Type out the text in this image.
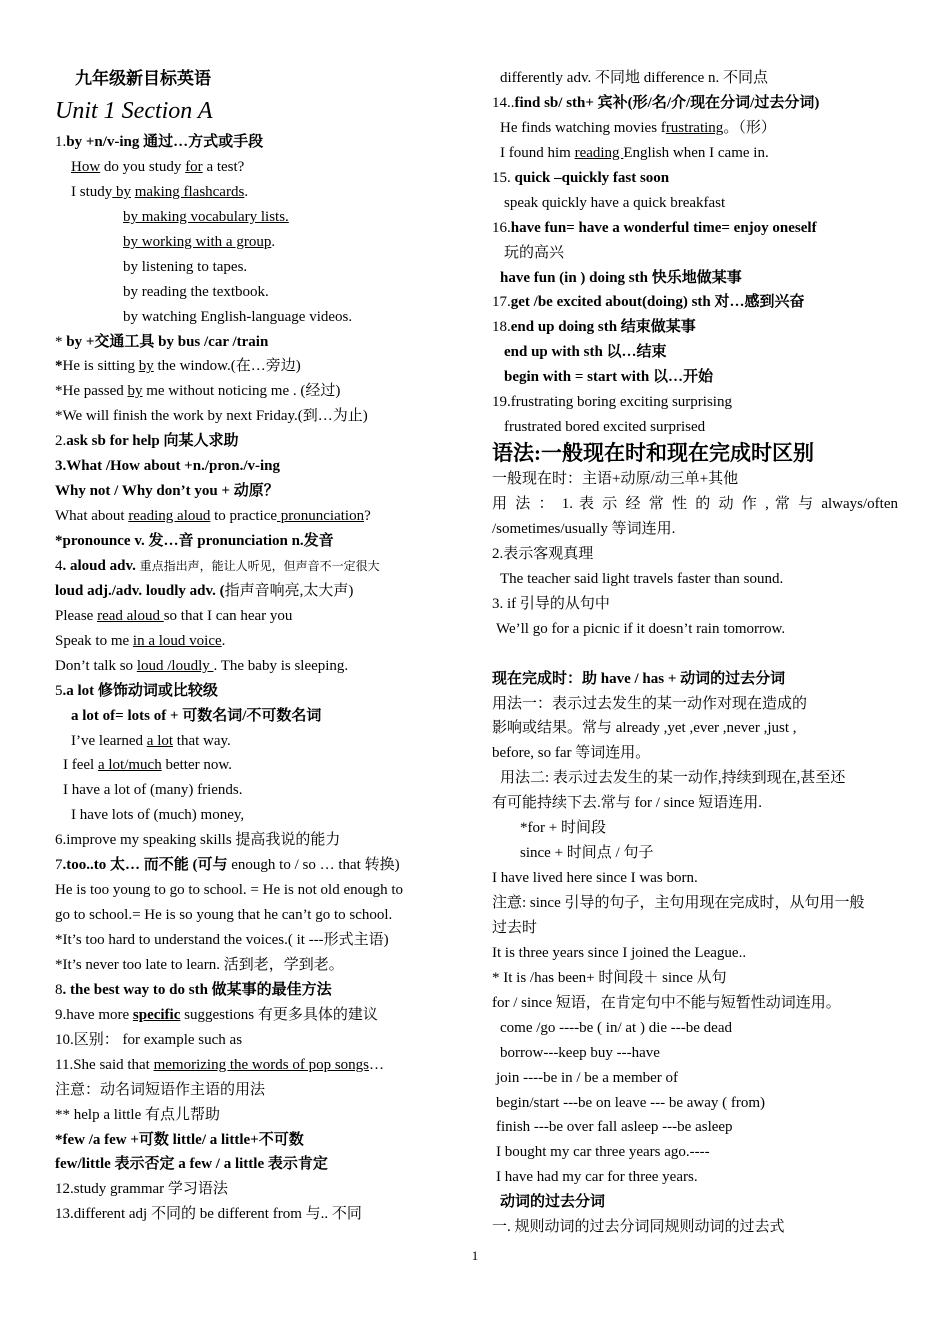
九年级新目标英语
Unit 1 Section A
1.by +n/v-ing 通过…方式或手段
How do you study for a test?
I study by making flashcards.
by making vocabulary lists.
by working with a group.
by listening to tapes.
by reading the textbook.
by watching English-language videos.
* by +交通工具 by bus /car /train
*He is sitting by the window.(在…旁边)
*He passed by me without noticing me . (经过)
*We will finish the work by next Friday.(到…为止)
2.ask sb for help 向某人求助
3.What /How about +n./pron./v-ing
Why not / Why don’t you + 动原？
What about reading aloud to practice pronunciation?
*pronounce v. 发…音 pronunciation n.发音
4. aloud adv. 重点指出声，能让人听见，但声音不一定很大
loud adj./adv. loudly adv. (指声音响亮,太大声)
Please read aloud so that I can hear you
Speak to me in a loud voice.
Don’t talk so loud /loudly . The baby is sleeping.
5.a lot 修饰动词或比较级
a lot of= lots of + 可数名词/不可数名词
I’ve learned a lot that way.
I feel a lot/much better now.
I have a lot of (many) friends.
I have lots of (much) money,
6.improve my speaking skills 提高我说的能力
7.too..to 太… 而不能 (可与 enough to / so … that 转换)
He is too young to go to school. = He is not old enough to
go to school.= He is so young that he can’t go to school.
*It’s too hard to understand the voices.( it ---形式主语)
*It’s never too late to learn. 活到老，学到老。
8. the best way to do sth 做某事的最佳方法
9.have more specific suggestions 有更多具体的建议
10.区别： for example such as
11.She said that memorizing the words of pop songs…
注意：动名词短语作主语的用法
** help a little 有点儿帮助
*few /a few +可数 little/ a little+不可数
few/little 表示否定 a few / a little 表示肯定
12.study grammar 学习语法
13.different adj 不同的 be different from 与.. 不同
differently adv. 不同地 difference n. 不同点
14..find sb/ sth+ 宾补(形/名/介/现在分词/过去分词)
He finds watching movies frustrating。（形）
I found him reading English when I came in.
15. quick –quickly fast soon
speak quickly have a quick breakfast
16.have fun= have a wonderful time= enjoy oneself
玩的高兴
have fun (in ) doing sth 快乐地做某事
17.get /be excited about(doing) sth 对…感到兴奋
18.end up doing sth 结束做某事
end up with sth 以…结束
begin with = start with 以…开始
19.frustrating boring exciting surprising
frustrated bored excited surprised
语法:一般现在时和现在完成时区别
一般现在时：主语+动原/动三单+其他
用 法 ： 1. 表 示 经 常 性 的 动 作 , 常 与 always/often
/sometimes/usually 等词连用.
2.表示客观真理
The teacher said light travels faster than sound.
3. if 引导的从句中
We’ll go for a picnic if it doesn’t rain tomorrow.
现在完成时：助 have / has + 动词的过去分词
用法一：表示过去发生的某一动作对现在造成的
影响或结果。常与 already ,yet ,ever ,never ,just ,
before, so far 等词连用。
用法二: 表示过去发生的某一动作,持续到现在,甚至还
有可能持续下去.常与 for / since 短语连用.
*for + 时间段
since + 时间点 / 句子
I have lived here since I was born.
注意: since 引导的句子，主句用现在完成时，从句用一般
过去时
It is three years since I joined the League..
* It is /has been+ 时间段＋ since 从句
for / since 短语，在肯定句中不能与短暂性动词连用。
come /go ----be ( in/ at ) die ---be dead
borrow---keep buy ---have
join ----be in / be a member of
begin/start ---be on leave --- be away ( from)
finish ---be over fall asleep ---be asleep
I bought my car three years ago.----
I have had my car for three years.
动词的过去分词
一. 规则动词的过去分词同规则动词的过去式
1
